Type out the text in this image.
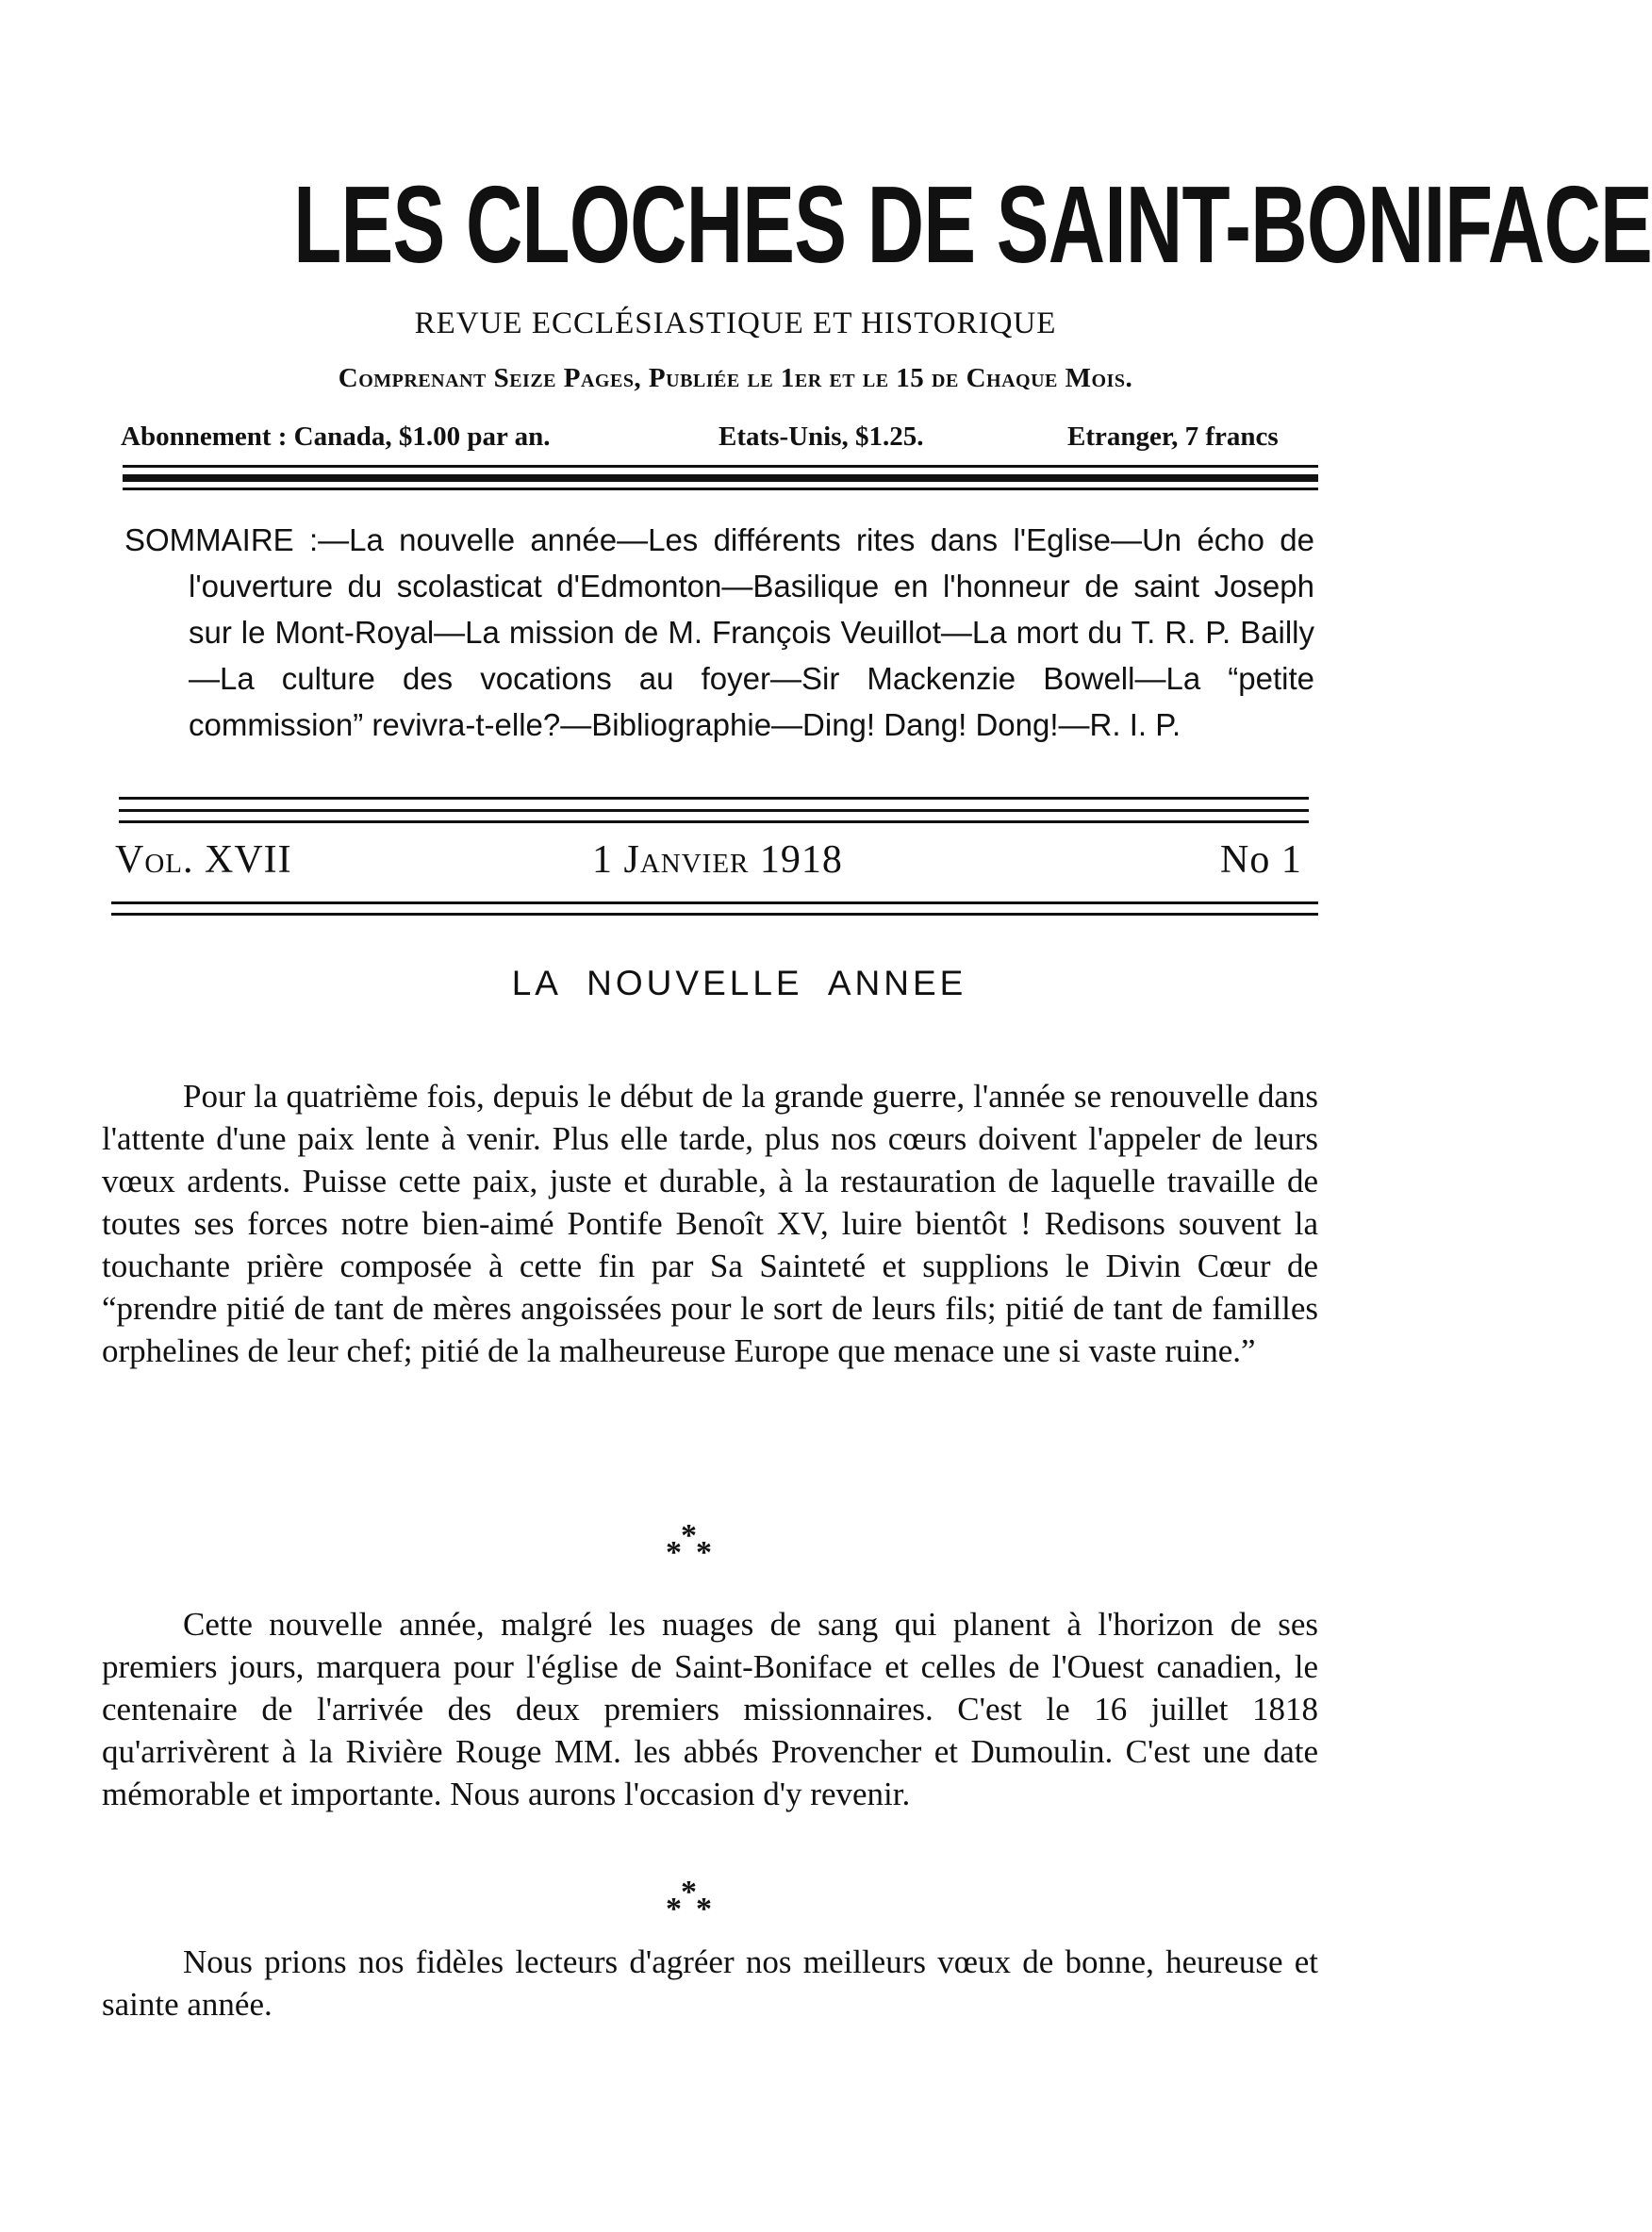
LES CLOCHES DE SAINT-BONIFACE
REVUE ECCLÉSIASTIQUE ET HISTORIQUE
Comprenant Seize Pages, Publiée le 1er et le 15 de Chaque Mois.
Abonnement : Canada, $1.00 par an.	Etats-Unis, $1.25.	Etranger, 7 francs

SOMMAIRE :—La nouvelle année—Les différents rites dans l'Eglise—Un écho de l'ouverture du scolasticat d'Edmonton—Basilique en l'honneur de saint Joseph sur le Mont-Royal—La mission de M. François Veuillot—La mort du T. R. P. Bailly—La culture des vocations au foyer—Sir Mackenzie Bowell—La “petite commission” revivra-t-elle?—Bibliographie—Ding! Dang! Dong!—R. I. P.

Vol. XVII	1 Janvier 1918	No 1
LA NOUVELLE ANNEE

Pour la quatrième fois, depuis le début de la grande guerre, l'année se renouvelle dans l'attente d'une paix lente à venir. Plus elle tarde, plus nos cœurs doivent l'appeler de leurs vœux ardents. Puisse cette paix, juste et durable, à la restauration de laquelle travaille de toutes ses forces notre bien-aimé Pontife Benoît XV, luire bientôt ! Redisons souvent la touchante prière composée à cette fin par Sa Sainteté et supplions le Divin Cœur de “prendre pitié de tant de mères angoissées pour le sort de leurs fils; pitié de tant de familles orphelines de leur chef; pitié de la malheureuse Europe que menace une si vaste ruine.”

*
* *

Cette nouvelle année, malgré les nuages de sang qui planent à l'horizon de ses premiers jours, marquera pour l'église de Saint-Boniface et celles de l'Ouest canadien, le centenaire de l'arrivée des deux premiers missionnaires. C'est le 16 juillet 1818 qu'arrivèrent à la Rivière Rouge MM. les abbés Provencher et Dumoulin. C'est une date mémorable et importante. Nous aurons l'occasion d'y revenir.

*
* *

Nous prions nos fidèles lecteurs d'agréer nos meilleurs vœux de bonne, heureuse et sainte année.
